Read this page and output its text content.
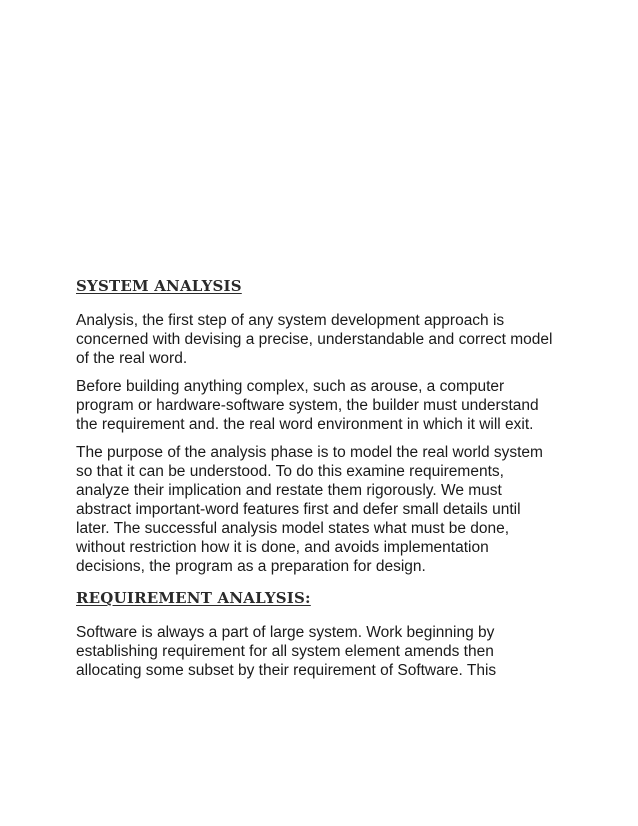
SYSTEM ANALYSIS

Analysis, the first step of any system development approach is concerned with devising a precise, understandable and correct model of the real word.

Before building anything complex, such as arouse, a computer program or hardware-software system, the builder must understand the requirement and. the real word environment in which it will exit.

The purpose of the analysis phase is to model the real world system so that it can be understood. To do this examine requirements, analyze their implication and restate them rigorously. We must abstract important-word features first and defer small details until later. The successful analysis model states what must be done, without restriction how it is done, and avoids implementation decisions, the program as a preparation for design.

REQUIREMENT ANALYSIS:

Software is always a part of large system. Work beginning by establishing requirement for all system element amends then allocating some subset by their requirement of Software. This
